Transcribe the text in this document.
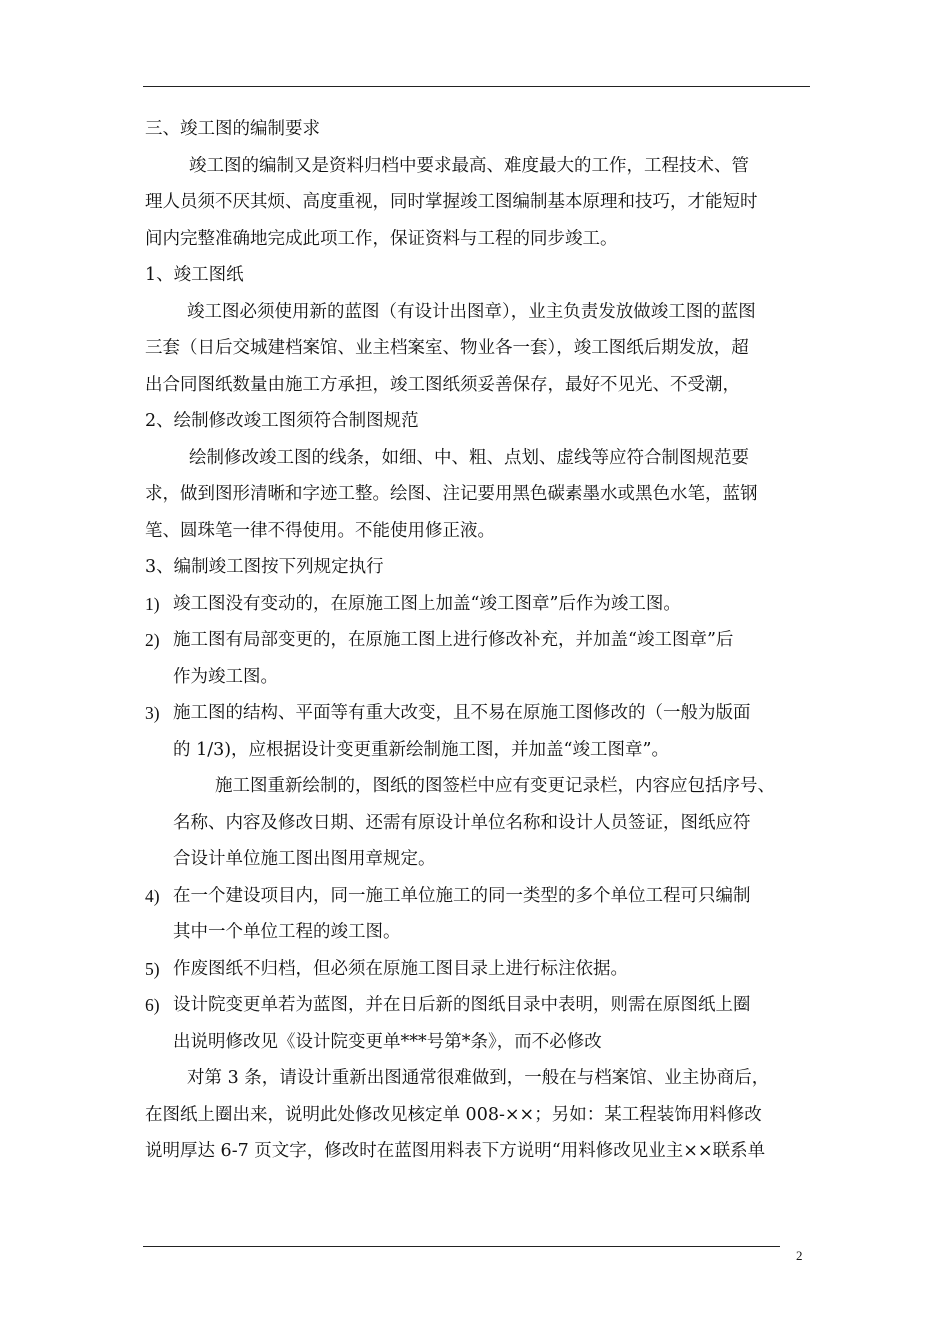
三、竣工图的编制要求
竣工图的编制又是资料归档中要求最高、难度最大的工作，工程技术、管
理人员须不厌其烦、高度重视，同时掌握竣工图编制基本原理和技巧，才能短时
间内完整准确地完成此项工作，保证资料与工程的同步竣工。
1、竣工图纸
竣工图必须使用新的蓝图（有设计出图章），业主负责发放做竣工图的蓝图
三套（日后交城建档案馆、业主档案室、物业各一套），竣工图纸后期发放，超
出合同图纸数量由施工方承担，竣工图纸须妥善保存，最好不见光、不受潮，
2、绘制修改竣工图须符合制图规范
绘制修改竣工图的线条，如细、中、粗、点划、虚线等应符合制图规范要
求，做到图形清晰和字迹工整。绘图、注记要用黑色碳素墨水或黑色水笔，蓝钢
笔、圆珠笔一律不得使用。不能使用修正液。
3、编制竣工图按下列规定执行
1) 竣工图没有变动的，在原施工图上加盖“竣工图章”后作为竣工图。
2) 施工图有局部变更的，在原施工图上进行修改补充，并加盖“竣工图章”后
作为竣工图。
3) 施工图的结构、平面等有重大改变，且不易在原施工图修改的（一般为版面
的 1/3)，应根据设计变更重新绘制施工图，并加盖“竣工图章”。
施工图重新绘制的，图纸的图签栏中应有变更记录栏，内容应包括序号、
名称、内容及修改日期、还需有原设计单位名称和设计人员签证，图纸应符
合设计单位施工图出图用章规定。
4) 在一个建设项目内，同一施工单位施工的同一类型的多个单位工程可只编制
其中一个单位工程的竣工图。
5) 作废图纸不归档，但必须在原施工图目录上进行标注依据。
6) 设计院变更单若为蓝图，并在日后新的图纸目录中表明，则需在原图纸上圈
出说明修改见《设计院变更单***号第*条》，而不必修改
对第 3 条，请设计重新出图通常很难做到，一般在与档案馆、业主协商后，
在图纸上圈出来，说明此处修改见核定单 008-××；另如：某工程装饰用料修改
说明厚达 6-7 页文字，修改时在蓝图用料表下方说明“用料修改见业主××联系单
2
